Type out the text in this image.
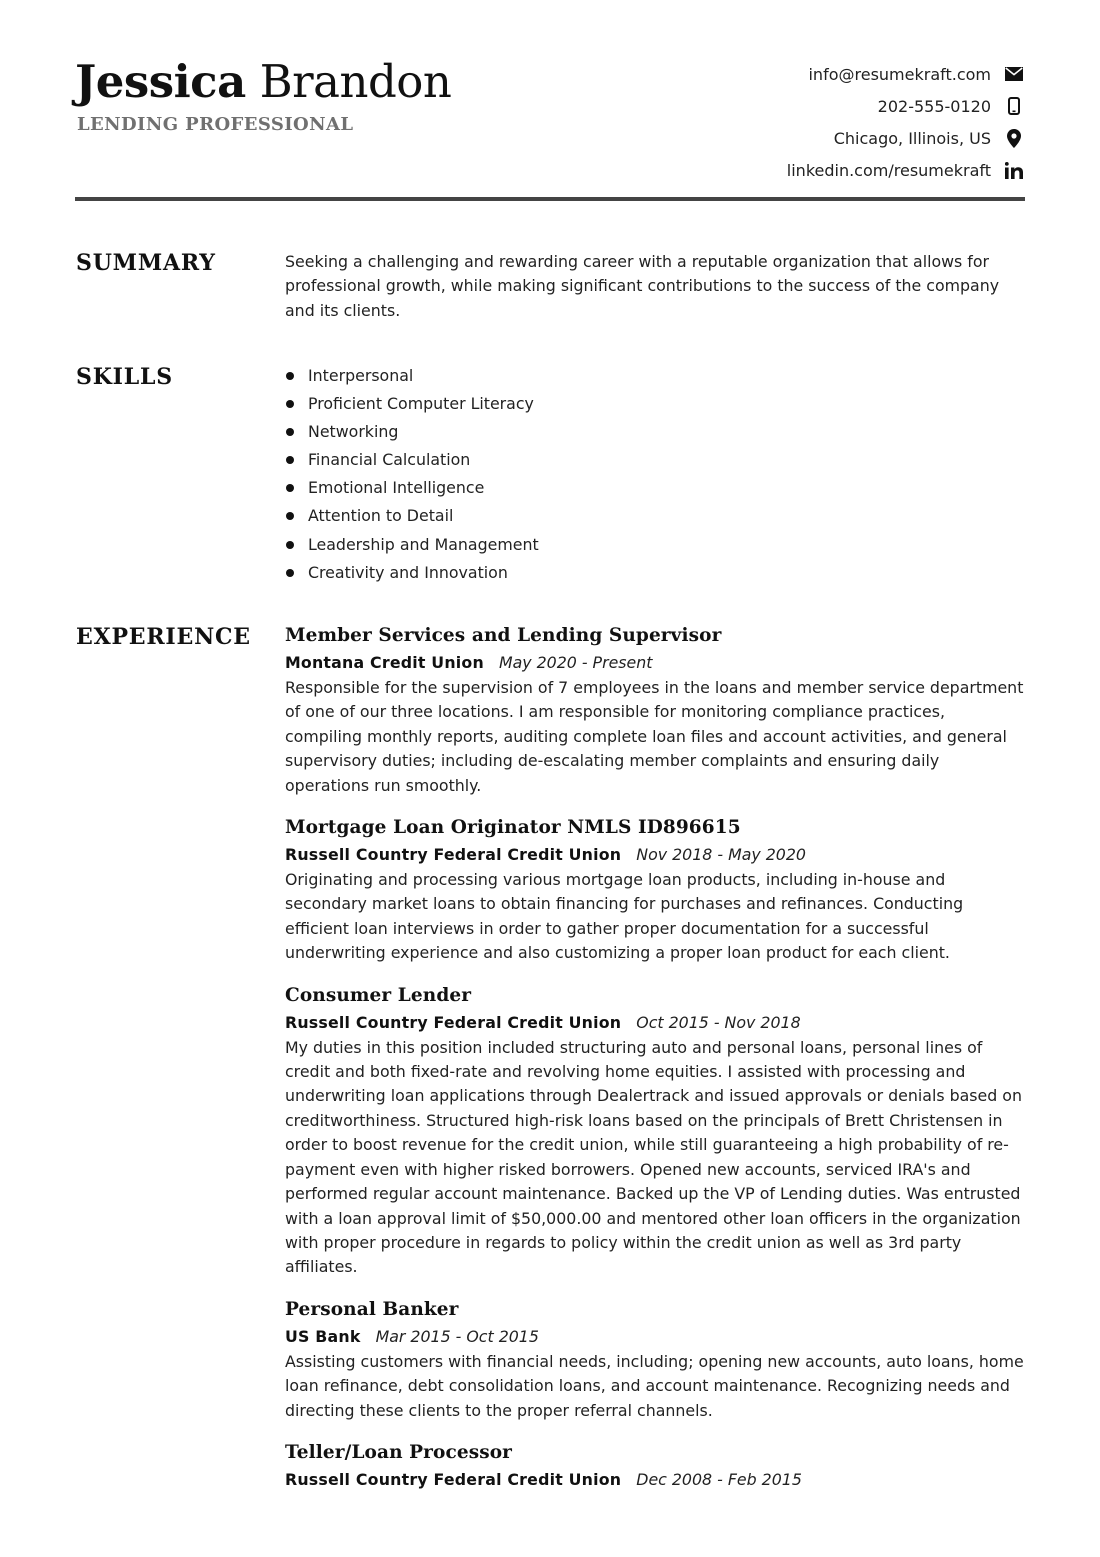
Jessica Brandon
LENDING PROFESSIONAL
info@resumekraft.com
202-555-0120
Chicago, Illinois, US
linkedin.com/resumekraft
SUMMARY	Seeking a challenging and rewarding career with a reputable organization that allows for professional growth, while making significant contributions to the success of the company and its clients.

SKILLS	Interpersonal
Proficient Computer Literacy
Networking
Financial Calculation
Emotional Intelligence
Attention to Detail
Leadership and Management
Creativity and Innovation
EXPERIENCE Member Services and Lending Supervisor
Montana Credit Union May 2020 - Present

Responsible for the supervision of 7 employees in the loans and member service department of one of our three locations. I am responsible for monitoring compliance practices, compiling monthly reports, auditing complete loan files and account activities, and general supervisory duties; including de-escalating member complaints and ensuring daily operations run smoothly.

Mortgage Loan Originator NMLS ID896615
Russell Country Federal Credit Union Nov 2018 - May 2020

Originating and processing various mortgage loan products, including in-house and secondary market loans to obtain financing for purchases and refinances. Conducting efficient loan interviews in order to gather proper documentation for a successful underwriting experience and also customizing a proper loan product for each client.

Consumer Lender
Russell Country Federal Credit Union Oct 2015 - Nov 2018

My duties in this position included structuring auto and personal loans, personal lines of credit and both fixed-rate and revolving home equities. I assisted with processing and underwriting loan applications through Dealertrack and issued approvals or denials based on creditworthiness. Structured high-risk loans based on the principals of Brett Christensen in order to boost revenue for the credit union, while still guaranteeing a high probability of re-payment even with higher risked borrowers. Opened new accounts, serviced IRA's and performed regular account maintenance. Backed up the VP of Lending duties. Was entrusted with a loan approval limit of $50,000.00 and mentored other loan officers in the organization with proper procedure in regards to policy within the credit union as well as 3rd party affiliates.

Personal Banker
US Bank Mar 2015 - Oct 2015

Assisting customers with financial needs, including; opening new accounts, auto loans, home loan refinance, debt consolidation loans, and account maintenance. Recognizing needs and directing these clients to the proper referral channels.

Teller/Loan Processor
Russell Country Federal Credit Union Dec 2008 - Feb 2015
